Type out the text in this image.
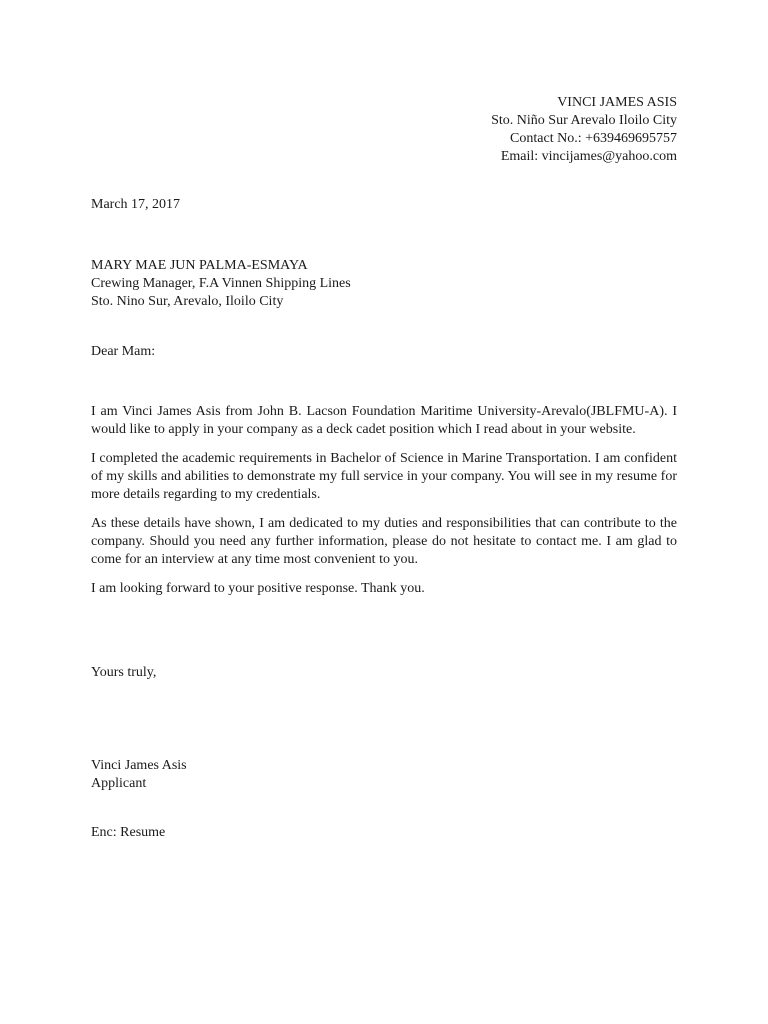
VINCI JAMES ASIS
Sto. Niño Sur Arevalo Iloilo City
Contact No.: +639469695757
Email: vincijames@yahoo.com
March 17, 2017
MARY MAE JUN PALMA-ESMAYA
Crewing Manager, F.A Vinnen Shipping Lines
Sto. Nino Sur, Arevalo, Iloilo City
Dear Mam:

I am Vinci James Asis from John B. Lacson Foundation Maritime University-Arevalo(JBLFMU-A). I would like to apply in your company as a deck cadet position which I read about in your website.

I completed the academic requirements in Bachelor of Science in Marine Transportation. I am confident of my skills and abilities to demonstrate my full service in your company. You will see in my resume for more details regarding to my credentials.

As these details have shown, I am dedicated to my duties and responsibilities that can contribute to the company. Should you need any further information, please do not hesitate to contact me. I am glad to come for an interview at any time most convenient to you.

I am looking forward to your positive response. Thank you.

Yours truly,
Vinci James Asis
Applicant
Enc: Resume
